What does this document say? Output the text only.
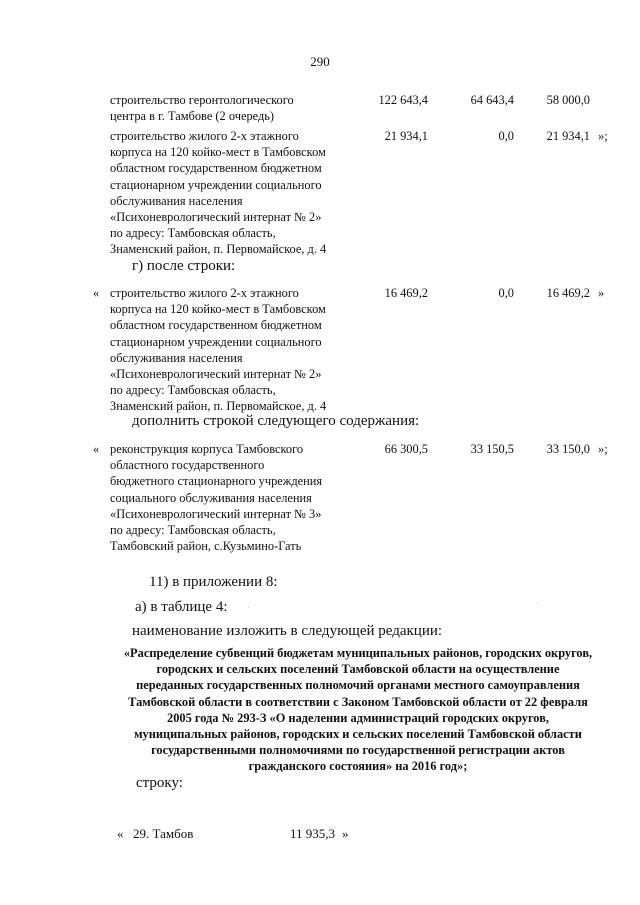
290
строительство геронтологического
центра в г. Тамбове (2 очередь)
122 643,4	64 643,4	58 000,0
строительство жилого 2-х этажного
корпуса на 120 койко-мест в Тамбовском
областном государственном бюджетном
стационарном учреждении социального
обслуживания населения
«Психоневрологический интернат № 2»
по адресу: Тамбовская область,
Знаменский район, п. Первомайское, д. 4
21 934,1	0,0	21 934,1 »;
г) после строки:
« строительство жилого 2-х этажного
корпуса на 120 койко-мест в Тамбовском
областном государственном бюджетном
стационарном учреждении социального
обслуживания населения
«Психоневрологический интернат № 2»
по адресу: Тамбовская область,
Знаменский район, п. Первомайское, д. 4
16 469,2	0,0	16 469,2 »
дополнить строкой следующего содержания:
« реконструкция корпуса Тамбовского
областного государственного
бюджетного стационарного учреждения
социального обслуживания населения
«Психоневрологический интернат № 3»
по адресу: Тамбовская область,
Тамбовский район, с.Кузьмино-Гать
66 300,5	33 150,5	33 150,0 »;
11) в приложении 8:
а) в таблице 4:
наименование изложить в следующей редакции:
«Распределение субвенций бюджетам муниципальных районов, городских округов,
городских и сельских поселений Тамбовской области на осуществление
переданных государственных полномочий органами местного самоуправления
Тамбовской области в соответствии с Законом Тамбовской области от 22 февраля
2005 года № 293-З «О наделении администраций городских округов,
муниципальных районов, городских и сельских поселений Тамбовской области
государственными полномочиями по государственной регистрации актов
гражданского состояния» на 2016 год»;
строку:
« 29. Тамбов	11 935,3 »
